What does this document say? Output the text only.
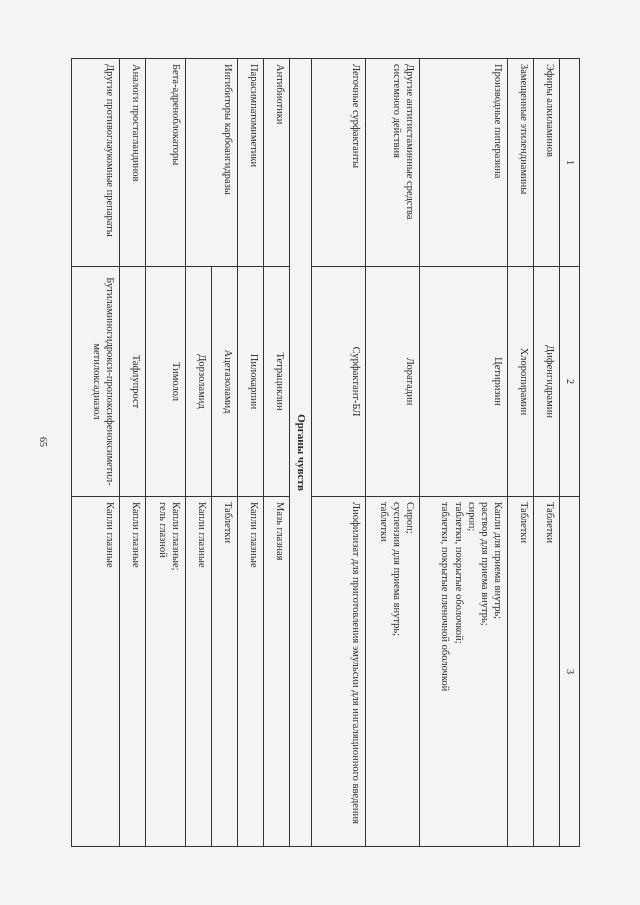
65
1	2	3
Эфиры алкиламинов	Дифенгидрамин	Таблетки
Замещенные этилендиамины	Хлоропирамин	Таблетки
Производные пиперазина	Цетиризин	Капли для приема внутрь;
раствор для приема внутрь;
сироп;
таблетки, покрытые оболочкой;
таблетки, покрытые пленочной оболочкой
Другие антигистаминные средства системного действия	Лоратадин	Сироп;
суспензия для приема внутрь;
таблетки
Легочные сурфактанты	Сурфактант-БЛ	Лиофилизат для приготовления эмульсии для ингаляционного введения
Органы чувств		
Антибиотики	Тетрациклин	Мазь глазная
Парасимпатомиметики	Пилокарпин	Капли глазные
Ингибиторы карбоангидразы	Ацетазоламид	Таблетки
	Дорзоламид	Капли глазные
Бета-адреноблокаторы	Тимолол	Капли глазные;
гель глазной
Аналоги простагландинов	Тафлупрост	Капли глазные
Другие противоглаукомные препараты	Бутиламиногидрокси-пропоксифеноксиметил-метилоксадиазол	Капли глазные
